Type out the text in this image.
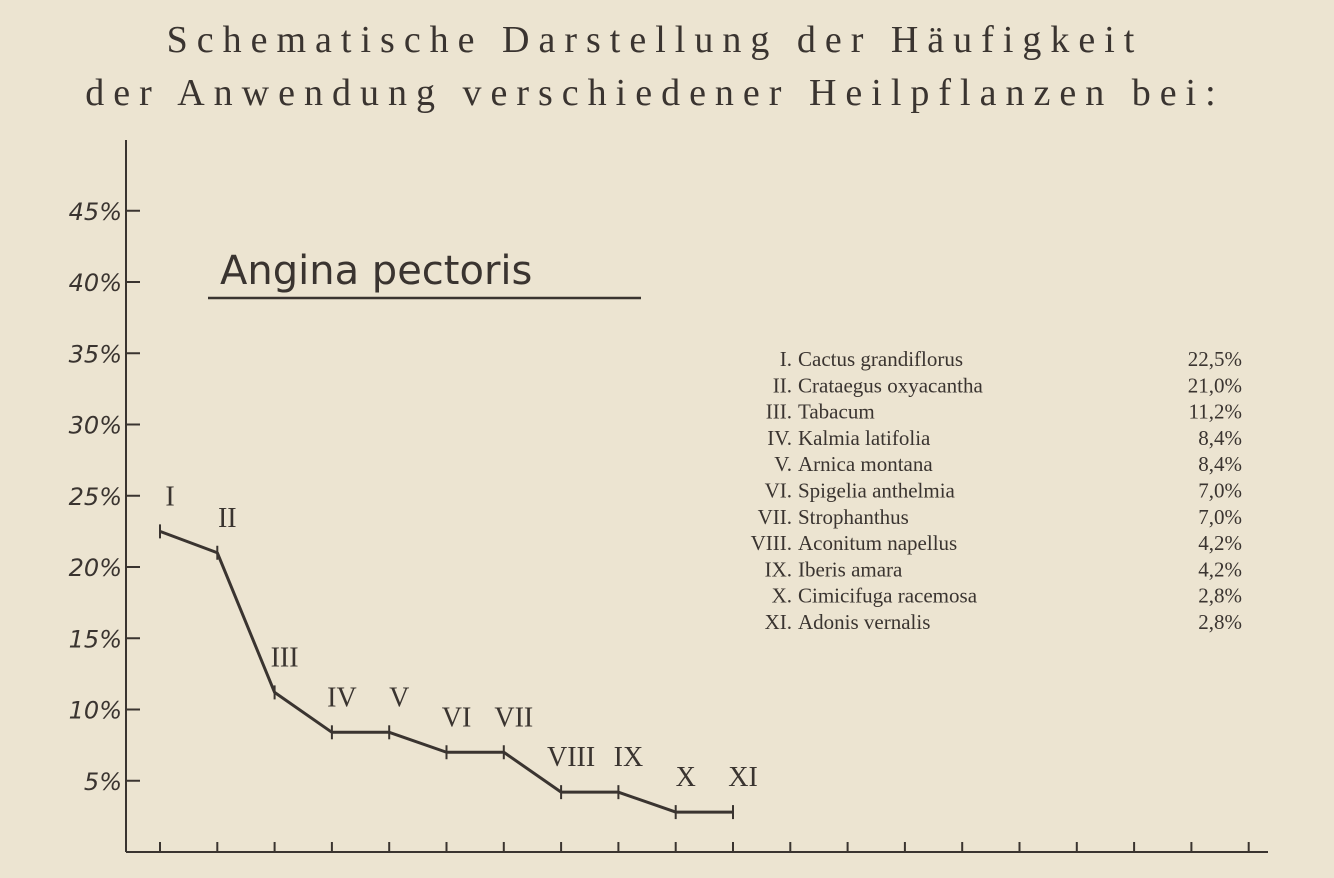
Schematische Darstellung der Häufigkeit
der Anwendung verschiedener Heilpflanzen bei:
5%
10%
15%
20%
25%
30%
35%
40%
45%
Angina pectoris
I
II
III
IV V
VI VII
VIII IX
X XI
I. Cactus grandiflorus	22,5%
II. Crataegus oxyacantha	21,0%
III. Tabacum	11,2%
IV. Kalmia latifolia	8,4%
V. Arnica montana	8,4%
VI. Spigelia anthelmia	7,0%
VII. Strophanthus	7,0%
VIII. Aconitum napellus	4,2%
IX. Iberis amara	4,2%
X. Cimicifuga racemosa	2,8%
XI. Adonis vernalis	2,8%
